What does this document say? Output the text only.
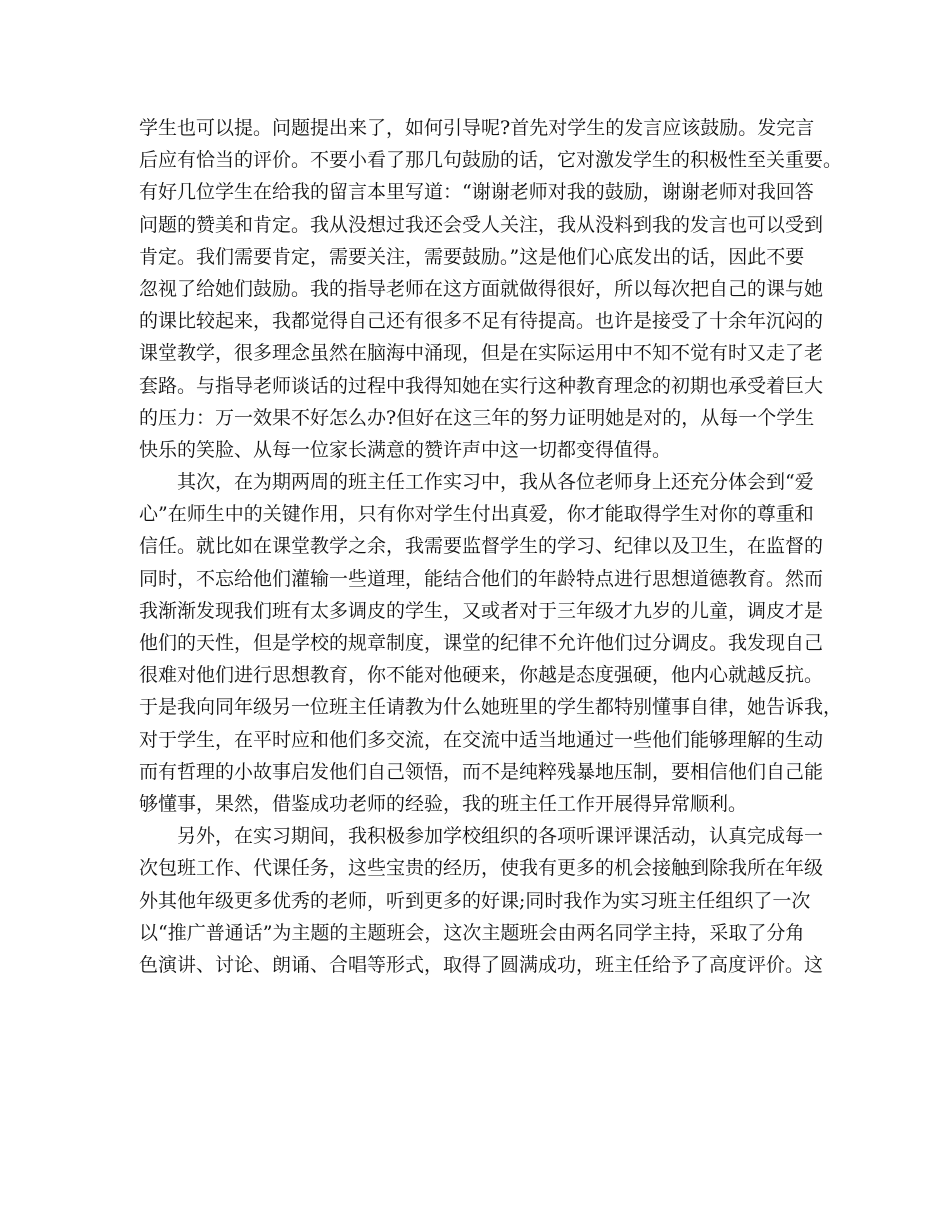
学生也可以提。问题提出来了，如何引导呢?首先对学生的发言应该鼓励。发完言
后应有恰当的评价。不要小看了那几句鼓励的话，它对激发学生的积极性至关重要。
有好几位学生在给我的留言本里写道：“谢谢老师对我的鼓励，谢谢老师对我回答
问题的赞美和肯定。我从没想过我还会受人关注，我从没料到我的发言也可以受到
肯定。我们需要肯定，需要关注，需要鼓励。”这是他们心底发出的话，因此不要
忽视了给她们鼓励。我的指导老师在这方面就做得很好，所以每次把自己的课与她
的课比较起来，我都觉得自己还有很多不足有待提高。也许是接受了十余年沉闷的
课堂教学，很多理念虽然在脑海中涌现，但是在实际运用中不知不觉有时又走了老
套路。与指导老师谈话的过程中我得知她在实行这种教育理念的初期也承受着巨大
的压力：万一效果不好怎么办?但好在这三年的努力证明她是对的，从每一个学生
快乐的笑脸、从每一位家长满意的赞许声中这一切都变得值得。
其次，在为期两周的班主任工作实习中，我从各位老师身上还充分体会到“爱
心”在师生中的关键作用，只有你对学生付出真爱，你才能取得学生对你的尊重和
信任。就比如在课堂教学之余，我需要监督学生的学习、纪律以及卫生，在监督的
同时，不忘给他们灌输一些道理，能结合他们的年龄特点进行思想道德教育。然而
我渐渐发现我们班有太多调皮的学生，又或者对于三年级才九岁的儿童，调皮才是
他们的天性，但是学校的规章制度，课堂的纪律不允许他们过分调皮。我发现自己
很难对他们进行思想教育，你不能对他硬来，你越是态度强硬，他内心就越反抗。
于是我向同年级另一位班主任请教为什么她班里的学生都特别懂事自律，她告诉我，
对于学生，在平时应和他们多交流，在交流中适当地通过一些他们能够理解的生动
而有哲理的小故事启发他们自己领悟，而不是纯粹残暴地压制，要相信他们自己能
够懂事，果然，借鉴成功老师的经验，我的班主任工作开展得异常顺利。
另外，在实习期间，我积极参加学校组织的各项听课评课活动，认真完成每一
次包班工作、代课任务，这些宝贵的经历，使我有更多的机会接触到除我所在年级
外其他年级更多优秀的老师，听到更多的好课;同时我作为实习班主任组织了一次
以“推广普通话”为主题的主题班会，这次主题班会由两名同学主持，采取了分角
色演讲、讨论、朗诵、合唱等形式，取得了圆满成功，班主任给予了高度评价。这
